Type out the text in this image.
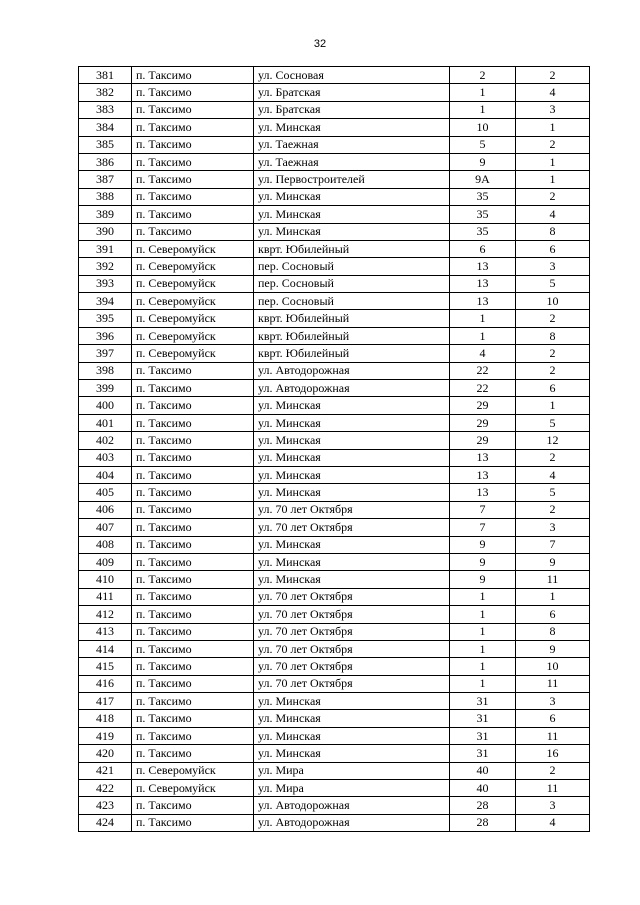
32
381	п. Таксимо	ул. Сосновая	2	2
382	п. Таксимо	ул. Братская	1	4
383	п. Таксимо	ул. Братская	1	3
384	п. Таксимо	ул. Минская	10	1
385	п. Таксимо	ул. Таежная	5	2
386	п. Таксимо	ул. Таежная	9	1
387	п. Таксимо	ул. Первостроителей	9А	1
388	п. Таксимо	ул. Минская	35	2
389	п. Таксимо	ул. Минская	35	4
390	п. Таксимо	ул. Минская	35	8
391	п. Северомуйск	кврт. Юбилейный	6	6
392	п. Северомуйск	пер. Сосновый	13	3
393	п. Северомуйск	пер. Сосновый	13	5
394	п. Северомуйск	пер. Сосновый	13	10
395	п. Северомуйск	кврт. Юбилейный	1	2
396	п. Северомуйск	кврт. Юбилейный	1	8
397	п. Северомуйск	кврт. Юбилейный	4	2
398	п. Таксимо	ул. Автодорожная	22	2
399	п. Таксимо	ул. Автодорожная	22	6
400	п. Таксимо	ул. Минская	29	1
401	п. Таксимо	ул. Минская	29	5
402	п. Таксимо	ул. Минская	29	12
403	п. Таксимо	ул. Минская	13	2
404	п. Таксимо	ул. Минская	13	4
405	п. Таксимо	ул. Минская	13	5
406	п. Таксимо	ул. 70 лет Октября	7	2
407	п. Таксимо	ул. 70 лет Октября	7	3
408	п. Таксимо	ул. Минская	9	7
409	п. Таксимо	ул. Минская	9	9
410	п. Таксимо	ул. Минская	9	11
411	п. Таксимо	ул. 70 лет Октября	1	1
412	п. Таксимо	ул. 70 лет Октября	1	6
413	п. Таксимо	ул. 70 лет Октября	1	8
414	п. Таксимо	ул. 70 лет Октября	1	9
415	п. Таксимо	ул. 70 лет Октября	1	10
416	п. Таксимо	ул. 70 лет Октября	1	11
417	п. Таксимо	ул. Минская	31	3
418	п. Таксимо	ул. Минская	31	6
419	п. Таксимо	ул. Минская	31	11
420	п. Таксимо	ул. Минская	31	16
421	п. Северомуйск	ул. Мира	40	2
422	п. Северомуйск	ул. Мира	40	11
423	п. Таксимо	ул. Автодорожная	28	3
424	п. Таксимо	ул. Автодорожная	28	4
